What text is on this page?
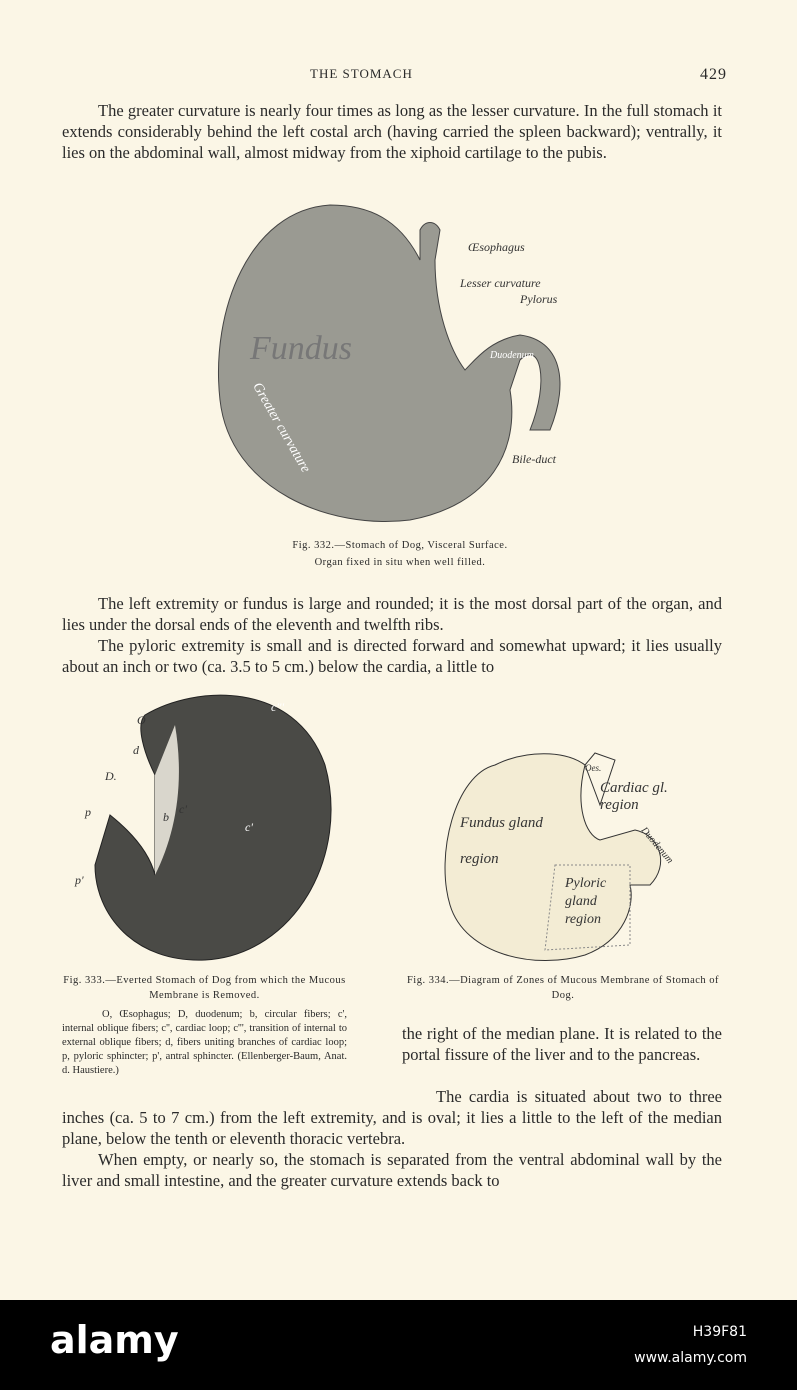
THE STOMACH	429

The greater curvature is nearly four times as long as the lesser curvature. In the full stomach it extends considerably behind the left costal arch (having carried the spleen backward); ventrally, it lies on the abdominal wall, almost midway from the xiphoid cartilage to the pubis.

Œsophagus
Lesser curvature
Pylorus
Duodenum
Bile-duct
Fundus
Greater curvature
Fig. 332.—Stomach of Dog, Visceral Surface.
Organ fixed in situ when well filled.

The left extremity or fundus is large and rounded; it is the most dorsal part of the organ, and lies under the dorsal ends of the eleventh and twelfth ribs.

The pyloric extremity is small and is directed forward and somewhat upward; it lies usually about an inch or two (ca. 3.5 to 5 cm.) below the cardia, a little to

O
d
D.
p
p'
b
c'
c'
c'''
Oes.
Cardiac gl. region
Fundus gland region
Pyloric gland region
Duodenum
Fig. 333.—Everted Stomach of Dog from which the Mucous Membrane is Removed.
O, Œsophagus; D, duodenum; b, circular fibers; c', internal oblique fibers; c'', cardiac loop; c''', transition of internal to external oblique fibers; d, fibers uniting branches of cardiac loop; p, pyloric sphincter; p', antral sphincter. (Ellenberger-Baum, Anat. d. Haustiere.)
Fig. 334.—Diagram of Zones of Mucous Membrane of Stomach of Dog.

the right of the median plane. It is related to the portal fissure of the liver and to the pancreas.

The cardia is situated about two to three inches (ca. 5 to 7 cm.) from the left extremity, and is oval; it lies a little to the left of the median plane, below the tenth or eleventh thoracic vertebra.

When empty, or nearly so, the stomach is separated from the ventral abdominal wall by the liver and small intestine, and the greater curvature extends back to

alamy	H39F81
www.alamy.com
